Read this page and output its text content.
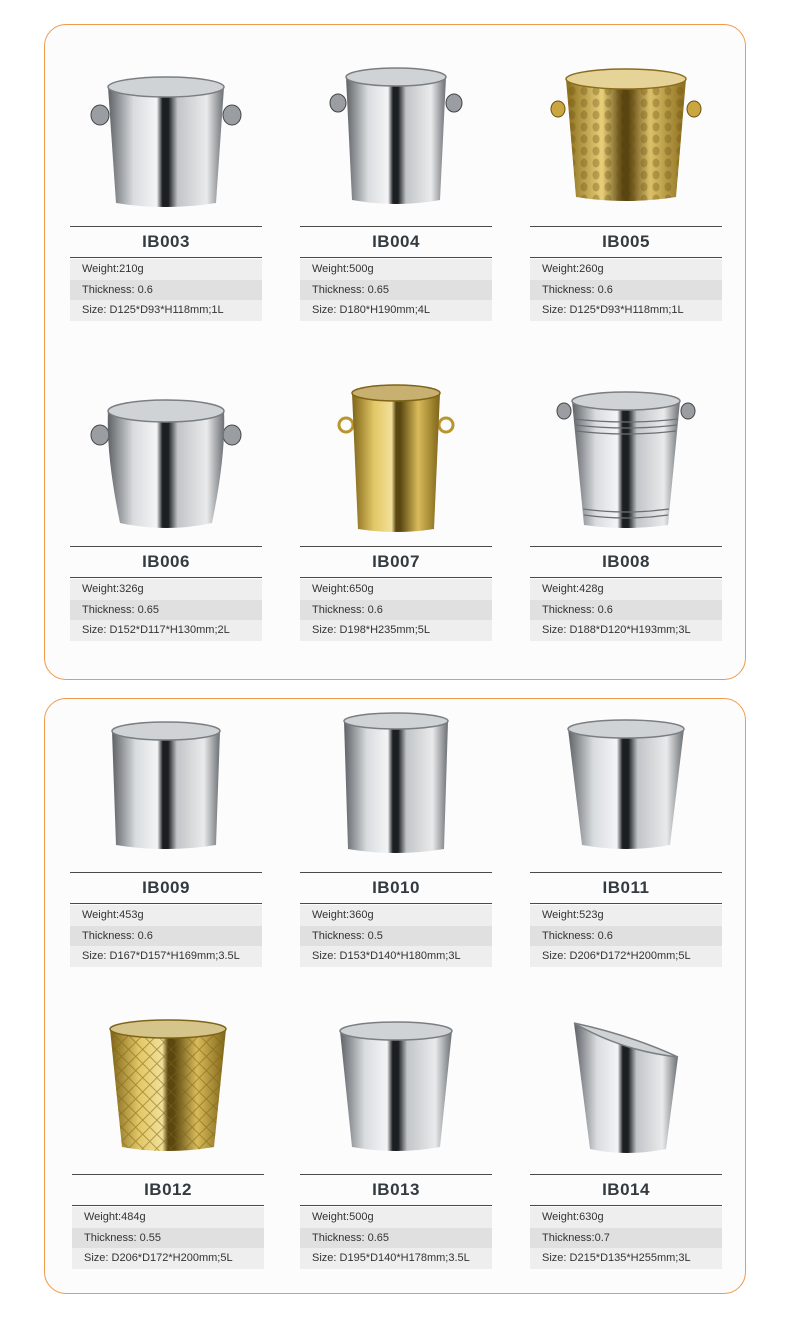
IB003
Weight:210g
Thickness: 0.6
Size: D125*D93*H118mm;1L
IB004
Weight:500g
Thickness: 0.65
Size: D180*H190mm;4L
IB005
Weight:260g
Thickness: 0.6
Size: D125*D93*H118mm;1L
IB006
Weight:326g
Thickness: 0.65
Size: D152*D117*H130mm;2L
IB007
Weight:650g
Thickness: 0.6
Size: D198*H235mm;5L
IB008
Weight:428g
Thickness: 0.6
Size: D188*D120*H193mm;3L
IB009
Weight:453g
Thickness: 0.6
Size: D167*D157*H169mm;3.5L
IB010
Weight:360g
Thickness: 0.5
Size: D153*D140*H180mm;3L
IB011
Weight:523g
Thickness: 0.6
Size: D206*D172*H200mm;5L
IB012
Weight:484g
Thickness: 0.55
Size: D206*D172*H200mm;5L
IB013
Weight:500g
Thickness: 0.65
Size: D195*D140*H178mm;3.5L
IB014
Weight:630g
Thickness:0.7
Size: D215*D135*H255mm;3L
